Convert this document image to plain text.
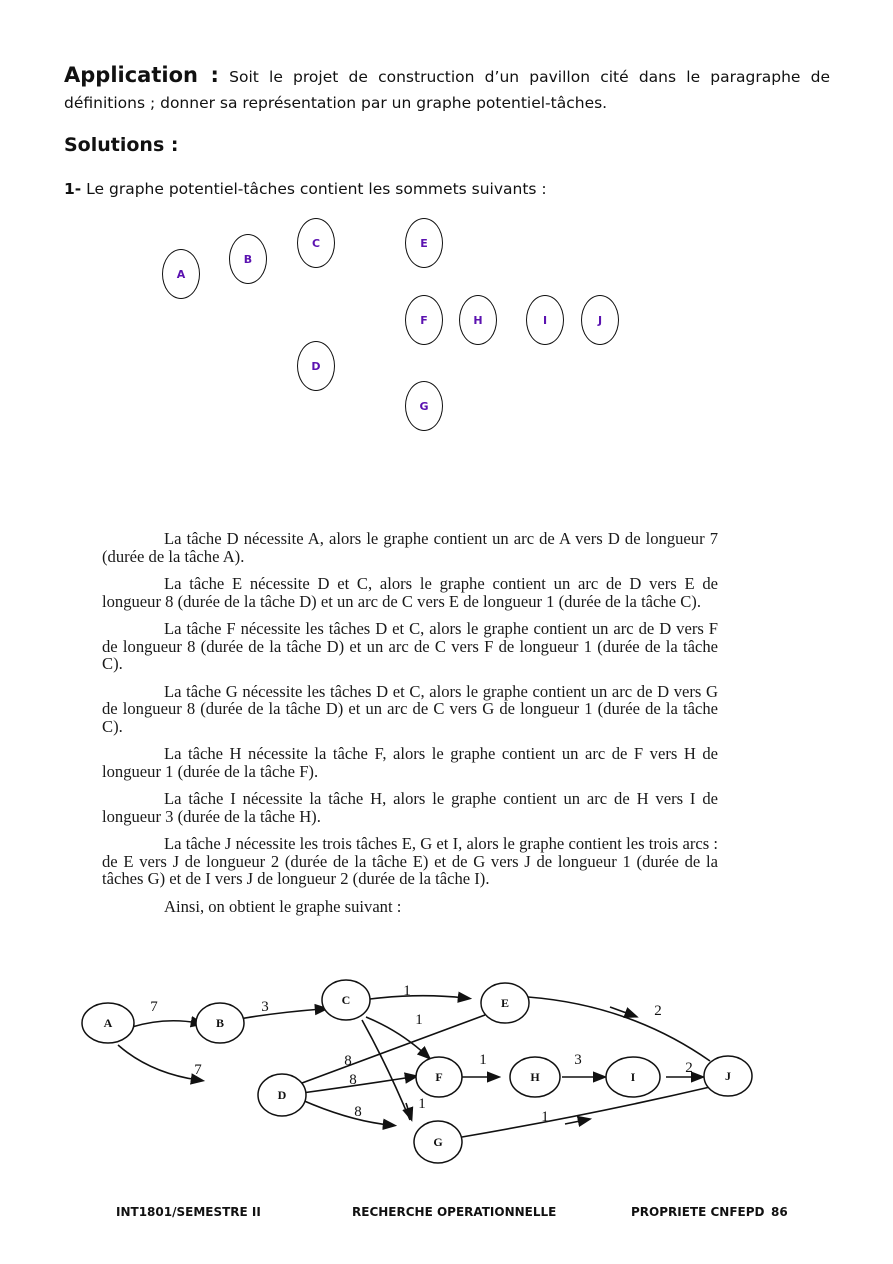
Application : Soit le projet de construction d’un pavillon cité dans le paragraphe de définitions ; donner sa représentation par un graphe potentiel-tâches.
Solutions :
1- Le graphe potentiel-tâches contient les sommets suivants :
A
B
C
D
E
F
G
H	I	J

La tâche D nécessite A, alors le graphe contient un arc de A vers D de longueur 7 (durée de la tâche A).

La tâche E nécessite D et C, alors le graphe contient un arc de D vers E de longueur 8 (durée de la tâche D) et un arc de C vers E de longueur 1 (durée de la tâche C).

La tâche F nécessite les tâches D et C, alors le graphe contient un arc de D vers F de longueur 8 (durée de la tâche D) et un arc de C vers F de longueur 1 (durée de la tâche C).

La tâche G nécessite les tâches D et C, alors le graphe contient un arc de D vers G de longueur 8 (durée de la tâche D) et un arc de C vers G de longueur 1 (durée de la tâche C).

La tâche H nécessite la tâche F, alors le graphe contient un arc de F vers H de longueur 1 (durée de la tâche F).

La tâche I nécessite la tâche H, alors le graphe contient un arc de H vers I de longueur 3 (durée de la tâche H).

La tâche J nécessite les trois tâches E, G et I, alors le graphe contient les trois arcs : de E vers J de longueur 2 (durée de la tâche E) et de G vers J de longueur 1 (durée de la tâches G) et de I vers J de longueur 2 (durée de la tâche I).

Ainsi, on obtient le graphe suivant :

A	B
C
D
E
F	H	I	J
G
7	3
1
1
1
7
8
8
8
1	3	2
2
1
INT1801/SEMESTRE II	RECHERCHE OPERATIONNELLE	PROPRIETE CNFEPD 86
